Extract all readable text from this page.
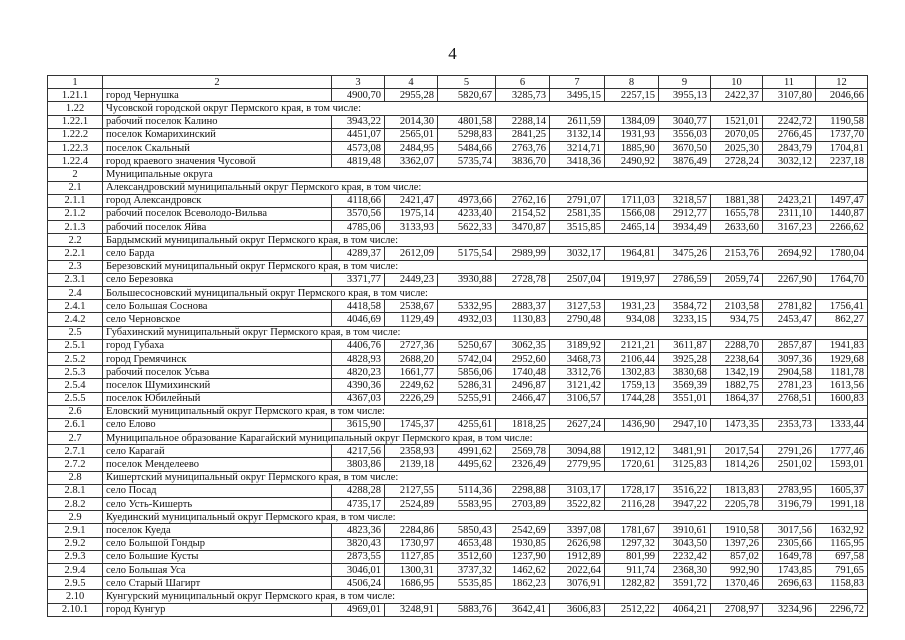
4
1	2	3	4	5	6	7	8	9	10	11	12
1.21.1	город Чернушка	4900,70	2955,28	5820,67	3285,73	3495,15	2257,15	3955,13	2422,37	3107,80	2046,66
1.22	Чусовской городской округ Пермского края, в том числе:										
1.22.1	рабочий поселок Калино	3943,22	2014,30	4801,58	2288,14	2611,59	1384,09	3040,77	1521,01	2242,72	1190,58
1.22.2	поселок Комарихинский	4451,07	2565,01	5298,83	2841,25	3132,14	1931,93	3556,03	2070,05	2766,45	1737,70
1.22.3	поселок Скальный	4573,08	2484,95	5484,66	2763,76	3214,71	1885,90	3670,50	2025,30	2843,79	1704,81
1.22.4	город краевого значения Чусовой	4819,48	3362,07	5735,74	3836,70	3418,36	2490,92	3876,49	2728,24	3032,12	2237,18
2	Муниципальные округа										
2.1	Александровский муниципальный округ Пермского края, в том числе:										
2.1.1	город Александровск	4118,66	2421,47	4973,66	2762,16	2791,07	1711,03	3218,57	1881,38	2423,21	1497,47
2.1.2	рабочий поселок Всеволодо-Вильва	3570,56	1975,14	4233,40	2154,52	2581,35	1566,08	2912,77	1655,78	2311,10	1440,87
2.1.3	рабочий поселок Яйва	4785,06	3133,93	5622,33	3470,87	3515,85	2465,14	3934,49	2633,60	3167,23	2266,62
2.2	Бардымский муниципальный округ Пермского края, в том числе:										
2.2.1	село Барда	4289,37	2612,09	5175,54	2989,99	3032,17	1964,81	3475,26	2153,76	2694,92	1780,04
2.3	Березовский муниципальный округ Пермского края, в том числе:										
2.3.1	село Березовка	3371,77	2449,23	3930,88	2728,78	2507,04	1919,97	2786,59	2059,74	2267,90	1764,70
2.4	Большесосновский муниципальный округ Пермского края, в том числе:										
2.4.1	село Большая Соснова	4418,58	2538,67	5332,95	2883,37	3127,53	1931,23	3584,72	2103,58	2781,82	1756,41
2.4.2	село Черновское	4046,69	1129,49	4932,03	1130,83	2790,48	934,08	3233,15	934,75	2453,47	862,27
2.5	Губахинский муниципальный округ Пермского края, в том числе:										
2.5.1	город Губаха	4406,76	2727,36	5250,67	3062,35	3189,92	2121,21	3611,87	2288,70	2857,87	1941,83
2.5.2	город Гремячинск	4828,93	2688,20	5742,04	2952,60	3468,73	2106,44	3925,28	2238,64	3097,36	1929,68
2.5.3	рабочий поселок Усьва	4820,23	1661,77	5856,06	1740,48	3312,76	1302,83	3830,68	1342,19	2904,58	1181,78
2.5.4	поселок Шумихинский	4390,36	2249,62	5286,31	2496,87	3121,42	1759,13	3569,39	1882,75	2781,23	1613,56
2.5.5	поселок Юбилейный	4367,03	2226,29	5255,91	2466,47	3106,57	1744,28	3551,01	1864,37	2768,51	1600,83
2.6	Еловский муниципальный округ Пермского края, в том числе:										
2.6.1	село Елово	3615,90	1745,37	4255,61	1818,25	2627,24	1436,90	2947,10	1473,35	2353,73	1333,44
2.7	Муниципальное образование Карагайский муниципальный округ Пермского края, в том числе:										
2.7.1	село Карагай	4217,56	2358,93	4991,62	2569,78	3094,88	1912,12	3481,91	2017,54	2791,26	1777,46
2.7.2	поселок Менделеево	3803,86	2139,18	4495,62	2326,49	2779,95	1720,61	3125,83	1814,26	2501,02	1593,01
2.8	Кишертский муниципальный округ Пермского края, в том числе:										
2.8.1	село Посад	4288,28	2127,55	5114,36	2298,88	3103,17	1728,17	3516,22	1813,83	2783,95	1605,37
2.8.2	село Усть-Кишерть	4735,17	2524,89	5583,95	2703,89	3522,82	2116,28	3947,22	2205,78	3196,79	1991,18
2.9	Куединский муниципальный округ Пермского края, в том числе:										
2.9.1	поселок Куеда	4823,36	2284,86	5850,43	2542,69	3397,08	1781,67	3910,61	1910,58	3017,56	1632,92
2.9.2	село Большой Гондыр	3820,43	1730,97	4653,48	1930,85	2626,98	1297,32	3043,50	1397,26	2305,66	1165,95
2.9.3	село Большие Кусты	2873,55	1127,85	3512,60	1237,90	1912,89	801,99	2232,42	857,02	1649,78	697,58
2.9.4	село Большая Уса	3046,01	1300,31	3737,32	1462,62	2022,64	911,74	2368,30	992,90	1743,85	791,65
2.9.5	село Старый Шагирт	4506,24	1686,95	5535,85	1862,23	3076,91	1282,82	3591,72	1370,46	2696,63	1158,83
2.10	Кунгурский муниципальный округ Пермского края, в том числе:										
2.10.1	город Кунгур	4969,01	3248,91	5883,76	3642,41	3606,83	2512,22	4064,21	2708,97	3234,96	2296,72
